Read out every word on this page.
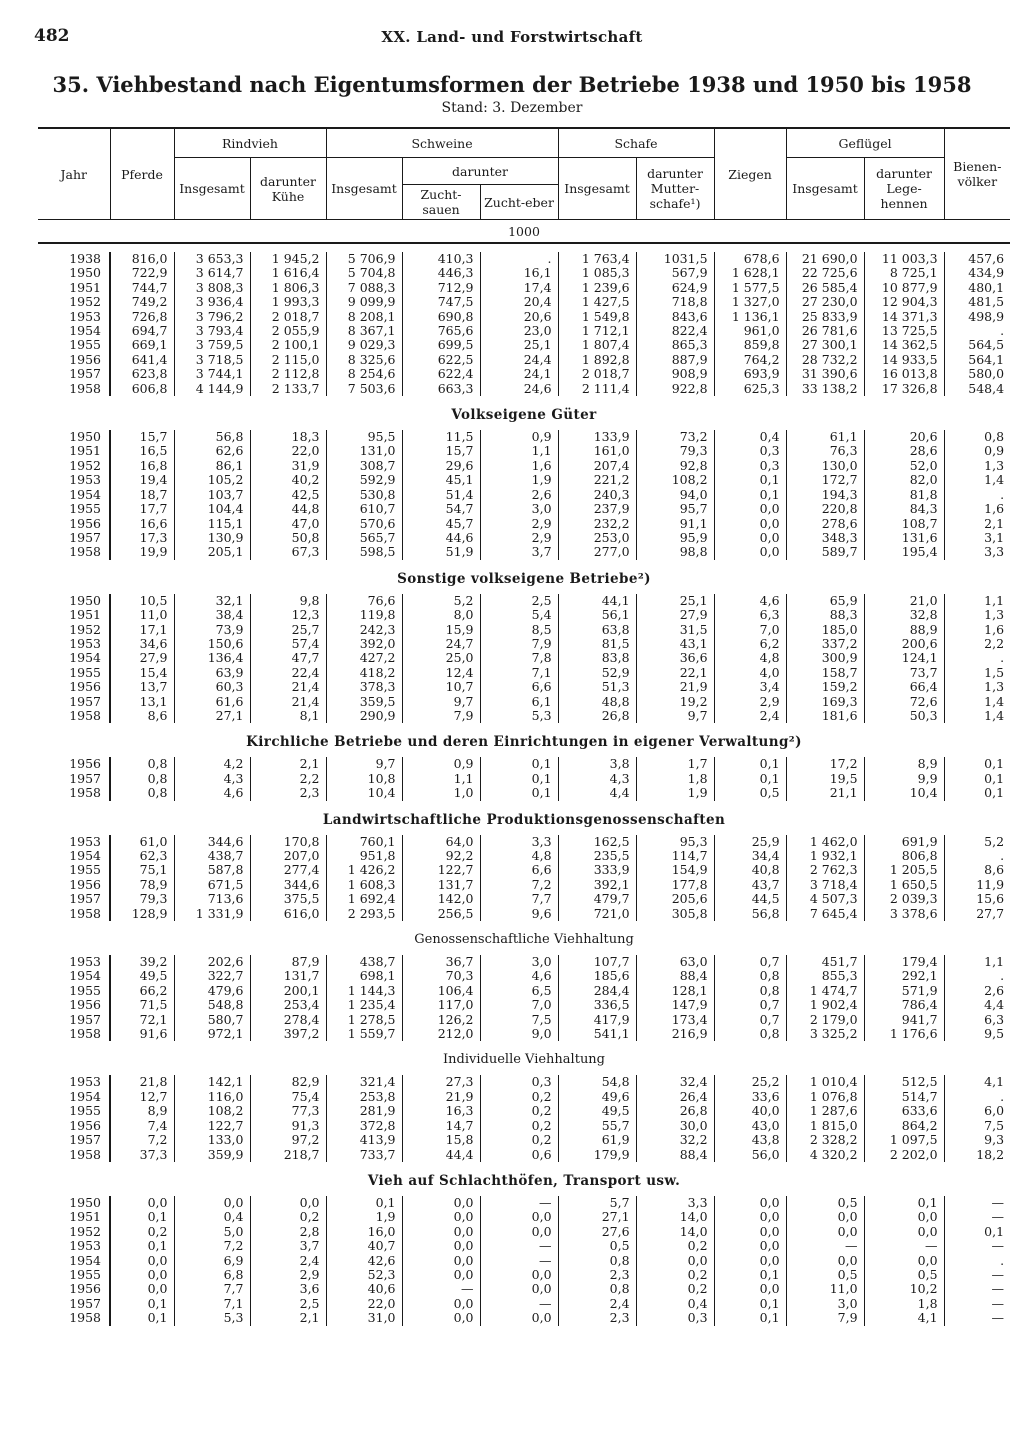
482	XX. Land- und Forstwirtschaft
35. Viehbestand nach Eigentumsformen der Betriebe 1938 und 1950 bis 1958
Stand: 3. Dezember
Jahr	Pferde	Rindvieh		Schweine			Schafe		Ziegen	Geflügel		Bienen-völker
		Insgesamt	darunter Kühe	Insgesamt	darunter		Insgesamt	darunter Mutter-schafe¹)		Insgesamt	darunter Lege-hennen	
					Zucht-sauen	Zucht-eber						
1000												

1938	816,0	3 653,3	1 945,2	5 706,9	410,3	.	1 763,4	1031,5	678,6	21 690,0	11 003,3	457,6
1950	722,9	3 614,7	1 616,4	5 704,8	446,3	16,1	1 085,3	567,9	1 628,1	22 725,6	8 725,1	434,9
1951	744,7	3 808,3	1 806,3	7 088,3	712,9	17,4	1 239,6	624,9	1 577,5	26 585,4	10 877,9	480,1
1952	749,2	3 936,4	1 993,3	9 099,9	747,5	20,4	1 427,5	718,8	1 327,0	27 230,0	12 904,3	481,5
1953	726,8	3 796,2	2 018,7	8 208,1	690,8	20,6	1 549,8	843,6	1 136,1	25 833,9	14 371,3	498,9
1954	694,7	3 793,4	2 055,9	8 367,1	765,6	23,0	1 712,1	822,4	961,0	26 781,6	13 725,5	.
1955	669,1	3 759,5	2 100,1	9 029,3	699,5	25,1	1 807,4	865,3	859,8	27 300,1	14 362,5	564,5
1956	641,4	3 718,5	2 115,0	8 325,6	622,5	24,4	1 892,8	887,9	764,2	28 732,2	14 933,5	564,1
1957	623,8	3 744,1	2 112,8	8 254,6	622,4	24,1	2 018,7	908,9	693,9	31 390,6	16 013,8	580,0
1958	606,8	4 144,9	2 133,7	7 503,6	663,3	24,6	2 111,4	922,8	625,3	33 138,2	17 326,8	548,4
Volkseigene Güter												
1950	15,7	56,8	18,3	95,5	11,5	0,9	133,9	73,2	0,4	61,1	20,6	0,8
1951	16,5	62,6	22,0	131,0	15,7	1,1	161,0	79,3	0,3	76,3	28,6	0,9
1952	16,8	86,1	31,9	308,7	29,6	1,6	207,4	92,8	0,3	130,0	52,0	1,3
1953	19,4	105,2	40,2	592,9	45,1	1,9	221,2	108,2	0,1	172,7	82,0	1,4
1954	18,7	103,7	42,5	530,8	51,4	2,6	240,3	94,0	0,1	194,3	81,8	.
1955	17,7	104,4	44,8	610,7	54,7	3,0	237,9	95,7	0,0	220,8	84,3	1,6
1956	16,6	115,1	47,0	570,6	45,7	2,9	232,2	91,1	0,0	278,6	108,7	2,1
1957	17,3	130,9	50,8	565,7	44,6	2,9	253,0	95,9	0,0	348,3	131,6	3,1
1958	19,9	205,1	67,3	598,5	51,9	3,7	277,0	98,8	0,0	589,7	195,4	3,3
Sonstige volkseigene Betriebe²)												
1950	10,5	32,1	9,8	76,6	5,2	2,5	44,1	25,1	4,6	65,9	21,0	1,1
1951	11,0	38,4	12,3	119,8	8,0	5,4	56,1	27,9	6,3	88,3	32,8	1,3
1952	17,1	73,9	25,7	242,3	15,9	8,5	63,8	31,5	7,0	185,0	88,9	1,6
1953	34,6	150,6	57,4	392,0	24,7	7,9	81,5	43,1	6,2	337,2	200,6	2,2
1954	27,9	136,4	47,7	427,2	25,0	7,8	83,8	36,6	4,8	300,9	124,1	.
1955	15,4	63,9	22,4	418,2	12,4	7,1	52,9	22,1	4,0	158,7	73,7	1,5
1956	13,7	60,3	21,4	378,3	10,7	6,6	51,3	21,9	3,4	159,2	66,4	1,3
1957	13,1	61,6	21,4	359,5	9,7	6,1	48,8	19,2	2,9	169,3	72,6	1,4
1958	8,6	27,1	8,1	290,9	7,9	5,3	26,8	9,7	2,4	181,6	50,3	1,4
Kirchliche Betriebe und deren Einrichtungen in eigener Verwaltung²)												
1956	0,8	4,2	2,1	9,7	0,9	0,1	3,8	1,7	0,1	17,2	8,9	0,1
1957	0,8	4,3	2,2	10,8	1,1	0,1	4,3	1,8	0,1	19,5	9,9	0,1
1958	0,8	4,6	2,3	10,4	1,0	0,1	4,4	1,9	0,5	21,1	10,4	0,1
Landwirtschaftliche Produktionsgenossenschaften												
1953	61,0	344,6	170,8	760,1	64,0	3,3	162,5	95,3	25,9	1 462,0	691,9	5,2
1954	62,3	438,7	207,0	951,8	92,2	4,8	235,5	114,7	34,4	1 932,1	806,8	.
1955	75,1	587,8	277,4	1 426,2	122,7	6,6	333,9	154,9	40,8	2 762,3	1 205,5	8,6
1956	78,9	671,5	344,6	1 608,3	131,7	7,2	392,1	177,8	43,7	3 718,4	1 650,5	11,9
1957	79,3	713,6	375,5	1 692,4	142,0	7,7	479,7	205,6	44,5	4 507,3	2 039,3	15,6
1958	128,9	1 331,9	616,0	2 293,5	256,5	9,6	721,0	305,8	56,8	7 645,4	3 378,6	27,7
Genossenschaftliche Viehhaltung												
1953	39,2	202,6	87,9	438,7	36,7	3,0	107,7	63,0	0,7	451,7	179,4	1,1
1954	49,5	322,7	131,7	698,1	70,3	4,6	185,6	88,4	0,8	855,3	292,1	.
1955	66,2	479,6	200,1	1 144,3	106,4	6,5	284,4	128,1	0,8	1 474,7	571,9	2,6
1956	71,5	548,8	253,4	1 235,4	117,0	7,0	336,5	147,9	0,7	1 902,4	786,4	4,4
1957	72,1	580,7	278,4	1 278,5	126,2	7,5	417,9	173,4	0,7	2 179,0	941,7	6,3
1958	91,6	972,1	397,2	1 559,7	212,0	9,0	541,1	216,9	0,8	3 325,2	1 176,6	9,5
Individuelle Viehhaltung												
1953	21,8	142,1	82,9	321,4	27,3	0,3	54,8	32,4	25,2	1 010,4	512,5	4,1
1954	12,7	116,0	75,4	253,8	21,9	0,2	49,6	26,4	33,6	1 076,8	514,7	.
1955	8,9	108,2	77,3	281,9	16,3	0,2	49,5	26,8	40,0	1 287,6	633,6	6,0
1956	7,4	122,7	91,3	372,8	14,7	0,2	55,7	30,0	43,0	1 815,0	864,2	7,5
1957	7,2	133,0	97,2	413,9	15,8	0,2	61,9	32,2	43,8	2 328,2	1 097,5	9,3
1958	37,3	359,9	218,7	733,7	44,4	0,6	179,9	88,4	56,0	4 320,2	2 202,0	18,2
Vieh auf Schlachthöfen, Transport usw.												
1950	0,0	0,0	0,0	0,1	0,0	—	5,7	3,3	0,0	0,5	0,1	—
1951	0,1	0,4	0,2	1,9	0,0	0,0	27,1	14,0	0,0	0,0	0,0	—
1952	0,2	5,0	2,8	16,0	0,0	0,0	27,6	14,0	0,0	0,0	0,0	0,1
1953	0,1	7,2	3,7	40,7	0,0	—	0,5	0,2	0,0	—	—	—
1954	0,0	6,9	2,4	42,6	0,0	—	0,8	0,0	0,0	0,0	0,0	.
1955	0,0	6,8	2,9	52,3	0,0	0,0	2,3	0,2	0,1	0,5	0,5	—
1956	0,0	7,7	3,6	40,6	—	0,0	0,8	0,2	0,0	11,0	10,2	—
1957	0,1	7,1	2,5	22,0	0,0	—	2,4	0,4	0,1	3,0	1,8	—
1958	0,1	5,3	2,1	31,0	0,0	0,0	2,3	0,3	0,1	7,9	4,1	—
